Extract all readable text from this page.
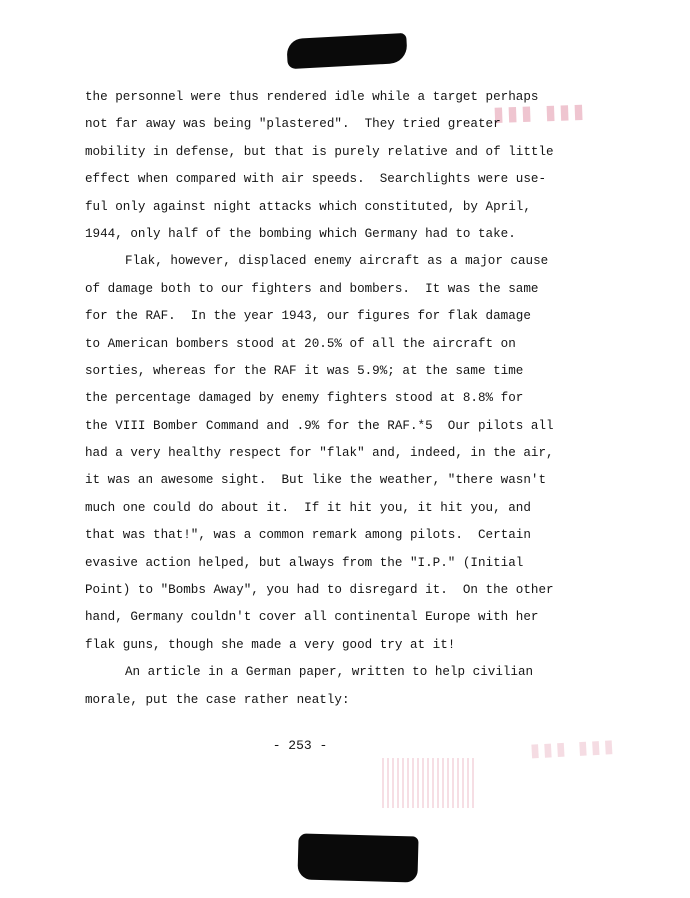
▮▮▮ ▮▮▮
the personnel were thus rendered idle while a target perhaps
not far away was being "plastered".  They tried greater
mobility in defense, but that is purely relative and of little
effect when compared with air speeds.  Searchlights were use-
ful only against night attacks which constituted, by April,
1944, only half of the bombing which Germany had to take.
Flak, however, displaced enemy aircraft as a major cause
of damage both to our fighters and bombers.  It was the same
for the RAF.  In the year 1943, our figures for flak damage
to American bombers stood at 20.5% of all the aircraft on
sorties, whereas for the RAF it was 5.9%; at the same time
the percentage damaged by enemy fighters stood at 8.8% for
the VIII Bomber Command and .9% for the RAF.*5  Our pilots all
had a very healthy respect for "flak" and, indeed, in the air,
it was an awesome sight.  But like the weather, "there wasn't
much one could do about it.  If it hit you, it hit you, and
that was that!", was a common remark among pilots.  Certain
evasive action helped, but always from the "I.P." (Initial
Point) to "Bombs Away", you had to disregard it.  On the other
hand, Germany couldn't cover all continental Europe with her
flak guns, though she made a very good try at it!
An article in a German paper, written to help civilian
morale, put the case rather neatly:
- 253 -	▮▮▮ ▮▮▮
